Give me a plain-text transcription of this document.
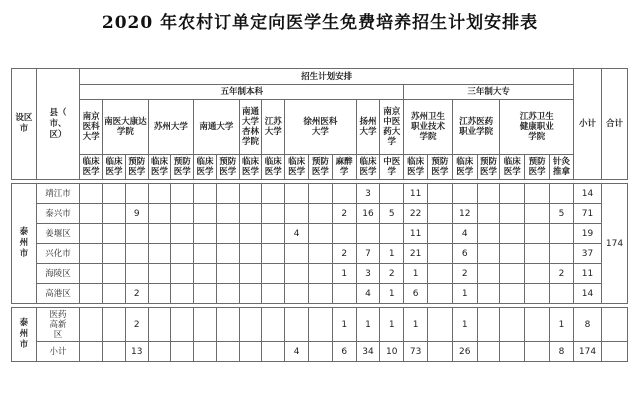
2020 年农村订单定向医学生免费培养招生计划安排表
设区
市	县（
市、
区）	招生计划安排																					小计	合计
		五年制本科														三年制大专								
		南京
医科
大学	南医大康达
学院		苏州大学		南通大学		南通
大学
杏林
学院	江苏
大学	徐州医科
大学			扬州
大学	南京
中医
药大
学	苏州卫生
职业技术
学院		江苏医药
职业学院		江苏卫生
健康职业
学院				
		临床
医学	临床
医学	预防
医学	临床
医学	预防
医学	临床
医学	预防
医学	临床
医学	临床
医学	临床
医学	预防
医学	麻醉
学	临床
医学	中医
学	临床
医学	预防
医学	临床
医学	预防
医学	临床
医学	预防
医学	针灸
推拿		

泰
州
市	靖江市													3		11							14	174
	泰兴市			9									2	16	5	22		12				5	71	
	姜堰区										4					11		4					19	
	兴化市												2	7	1	21		6					37	
	海陵区												1	3	2	1		2				2	11	
	高港区			2										4	1	6		1					14	

泰
州
市	医药
高新
区			2									1	1	1	1		1				1	8	
	小计			13							4		6	34	10	73		26				8	174	
